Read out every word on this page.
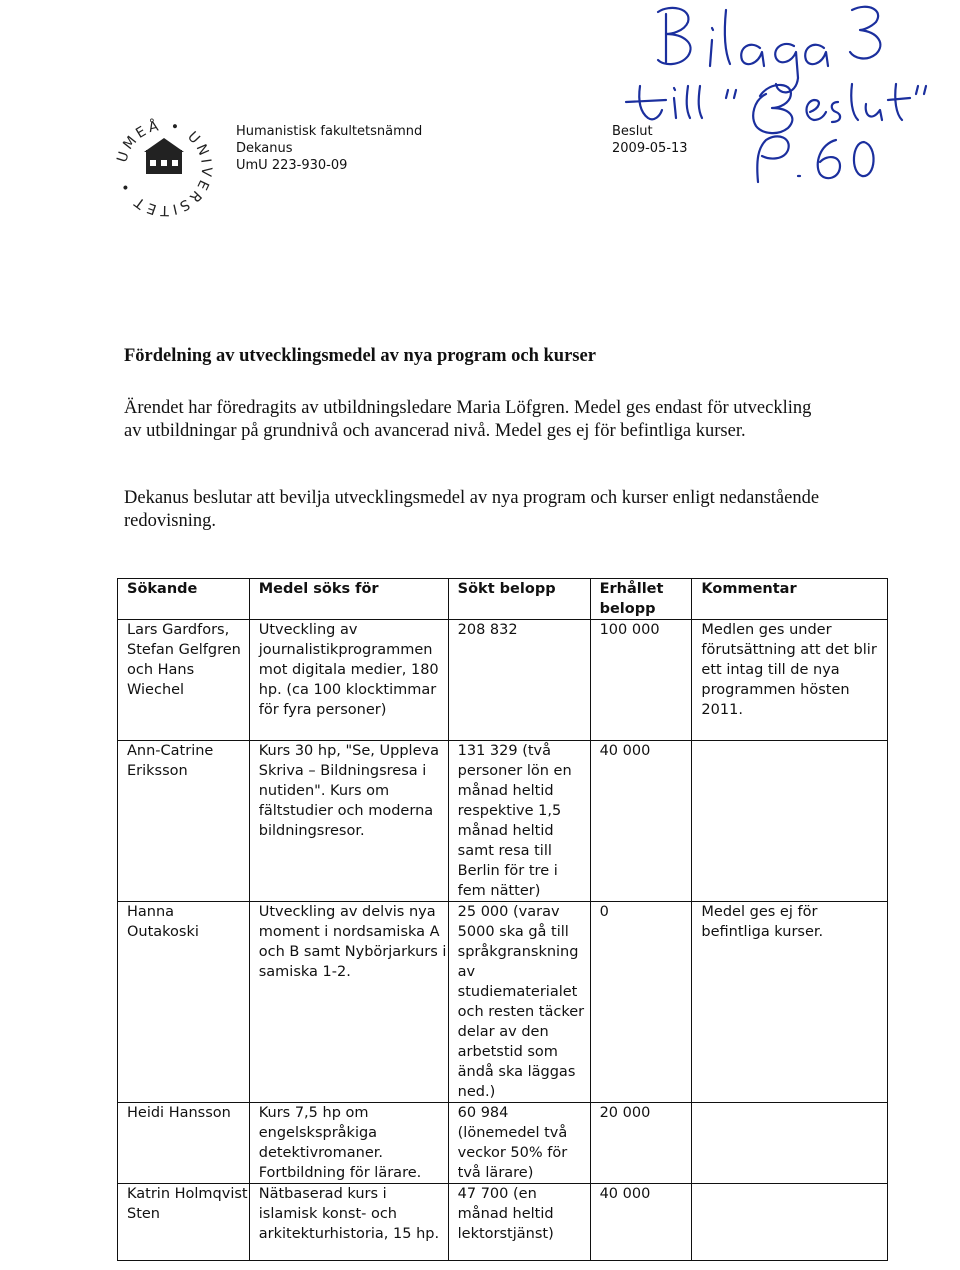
UMEÅ • UNIVERSITET •
Humanistisk fakultetsnämnd
Dekanus
UmU 223-930-09
Beslut
2009-05-13
Fördelning av utvecklingsmedel av nya program och kurser
Ärendet har föredragits av utbildningsledare Maria Löfgren. Medel ges endast för utveckling av utbildningar på grundnivå och avancerad nivå. Medel ges ej för befintliga kurser.
Dekanus beslutar att bevilja utvecklingsmedel av nya program och kurser enligt nedanstående redovisning.
Sökande	Medel söks för	Sökt belopp	Erhållet belopp	Kommentar
Lars Gardfors, Stefan Gelfgren och Hans Wiechel	Utveckling av journalistikprogrammen mot digitala medier, 180 hp. (ca 100 klocktimmar för fyra personer)	208 832	100 000	Medlen ges under förutsättning att det blir ett intag till de nya programmen hösten 2011.
Ann-Catrine Eriksson	Kurs 30 hp, "Se, Uppleva Skriva – Bildningsresa i nutiden". Kurs om fältstudier och moderna bildningsresor.	131 329 (två personer lön en månad heltid respektive 1,5 månad heltid samt resa till Berlin för tre i fem nätter)	40 000	
Hanna Outakoski	Utveckling av delvis nya moment i nordsamiska A och B samt Nybörjarkurs i samiska 1-2.	25 000 (varav 5000 ska gå till språkgranskning av studiematerialet och resten täcker delar av den arbetstid som ändå ska läggas ned.)	0	Medel ges ej för befintliga kurser.
Heidi Hansson	Kurs 7,5 hp om engelskspråkiga detektivromaner. Fortbildning för lärare.	60 984 (lönemedel två veckor 50% för två lärare)	20 000	
Katrin Holmqvist Sten	Nätbaserad kurs i islamisk konst- och arkitekturhistoria, 15 hp.	47 700 (en månad heltid lektorstjänst)	40 000	
